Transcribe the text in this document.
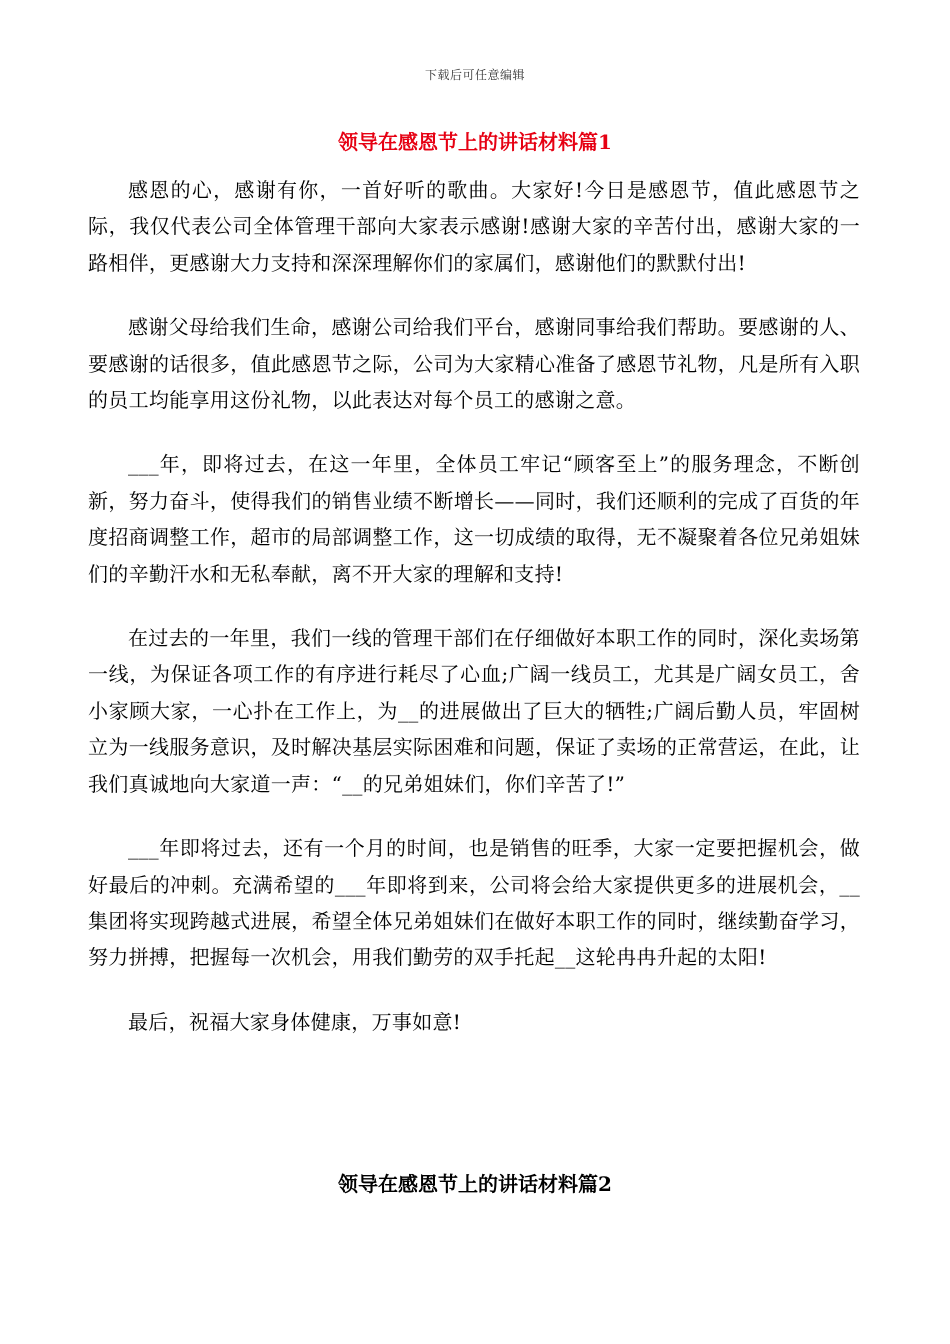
下载后可任意编辑
领导在感恩节上的讲话材料篇1

感恩的心，感谢有你，一首好听的歌曲。大家好!今日是感恩节，值此感恩节之际，我仅代表公司全体管理干部向大家表示感谢!感谢大家的辛苦付出，感谢大家的一路相伴，更感谢大力支持和深深理解你们的家属们，感谢他们的默默付出!

感谢父母给我们生命，感谢公司给我们平台，感谢同事给我们帮助。要感谢的人、要感谢的话很多，值此感恩节之际，公司为大家精心准备了感恩节礼物，凡是所有入职的员工均能享用这份礼物，以此表达对每个员工的感谢之意。

___年，即将过去，在这一年里，全体员工牢记“顾客至上”的服务理念，不断创新，努力奋斗，使得我们的销售业绩不断增长——同时，我们还顺利的完成了百货的年度招商调整工作，超市的局部调整工作，这一切成绩的取得，无不凝聚着各位兄弟姐妹们的辛勤汗水和无私奉献，离不开大家的理解和支持!

在过去的一年里，我们一线的管理干部们在仔细做好本职工作的同时，深化卖场第一线，为保证各项工作的有序进行耗尽了心血;广阔一线员工，尤其是广阔女员工，舍小家顾大家，一心扑在工作上，为__的进展做出了巨大的牺牲;广阔后勤人员，牢固树立为一线服务意识，及时解决基层实际困难和问题，保证了卖场的正常营运，在此，让我们真诚地向大家道一声：“__的兄弟姐妹们，你们辛苦了!”

___年即将过去，还有一个月的时间，也是销售的旺季，大家一定要把握机会，做好最后的冲刺。充满希望的___年即将到来，公司将会给大家提供更多的进展机会，__集团将实现跨越式进展，希望全体兄弟姐妹们在做好本职工作的同时，继续勤奋学习，努力拼搏，把握每一次机会，用我们勤劳的双手托起__这轮冉冉升起的太阳!

最后，祝福大家身体健康，万事如意!

领导在感恩节上的讲话材料篇2
